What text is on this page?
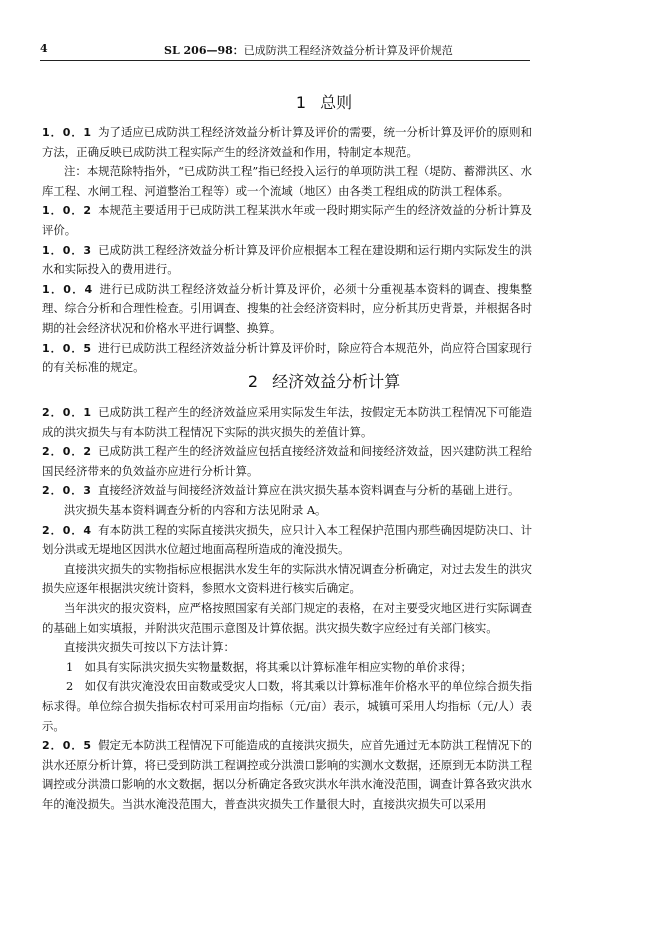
4	SL 206—98：已成防洪工程经济效益分析计算及评价规范
1 总则

1．0．1 为了适应已成防洪工程经济效益分析计算及评价的需要，统一分析计算及评价的原则和方法，正确反映已成防洪工程实际产生的经济效益和作用，特制定本规范。

注：本规范除特指外，“已成防洪工程”指已经投入运行的单项防洪工程（堤防、蓄滞洪区、水库工程、水闸工程、河道整治工程等）或一个流域（地区）由各类工程组成的防洪工程体系。

1．0．2 本规范主要适用于已成防洪工程某洪水年或一段时期实际产生的经济效益的分析计算及评价。

1．0．3 已成防洪工程经济效益分析计算及评价应根据本工程在建设期和运行期内实际发生的洪水和实际投入的费用进行。

1．0．4 进行已成防洪工程经济效益分析计算及评价，必须十分重视基本资料的调查、搜集整理、综合分析和合理性检查。引用调查、搜集的社会经济资料时，应分析其历史背景，并根据各时期的社会经济状况和价格水平进行调整、换算。

1．0．5 进行已成防洪工程经济效益分析计算及评价时，除应符合本规范外，尚应符合国家现行的有关标准的规定。

2 经济效益分析计算

2．0．1 已成防洪工程产生的经济效益应采用实际发生年法，按假定无本防洪工程情况下可能造成的洪灾损失与有本防洪工程情况下实际的洪灾损失的差值计算。

2．0．2 已成防洪工程产生的经济效益应包括直接经济效益和间接经济效益，因兴建防洪工程给国民经济带来的负效益亦应进行分析计算。

2．0．3 直接经济效益与间接经济效益计算应在洪灾损失基本资料调查与分析的基础上进行。

洪灾损失基本资料调查分析的内容和方法见附录 A。

2．0．4 有本防洪工程的实际直接洪灾损失，应只计入本工程保护范围内那些确因堤防决口、计划分洪或无堤地区因洪水位超过地面高程所造成的淹没损失。

直接洪灾损失的实物指标应根据洪水发生年的实际洪水情况调查分析确定，对过去发生的洪灾损失应逐年根据洪灾统计资料，参照水文资料进行核实后确定。

当年洪灾的报灾资料，应严格按照国家有关部门规定的表格，在对主要受灾地区进行实际调查的基础上如实填报，并附洪灾范围示意图及计算依据。洪灾损失数字应经过有关部门核实。

直接洪灾损失可按以下方法计算：

1　如具有实际洪灾损失实物量数据，将其乘以计算标准年相应实物的单价求得；

2　如仅有洪灾淹没农田亩数或受灾人口数，将其乘以计算标准年价格水平的单位综合损失指标求得。单位综合损失指标农村可采用亩均指标（元/亩）表示，城镇可采用人均指标（元/人）表示。

2．0．5 假定无本防洪工程情况下可能造成的直接洪灾损失，应首先通过无本防洪工程情况下的洪水还原分析计算，将已受到防洪工程调控或分洪溃口影响的实测水文数据，还原到无本防洪工程调控或分洪溃口影响的水文数据，据以分析确定各致灾洪水年洪水淹没范围，调查计算各致灾洪水年的淹没损失。当洪水淹没范围大，普查洪灾损失工作量很大时，直接洪灾损失可以采用
